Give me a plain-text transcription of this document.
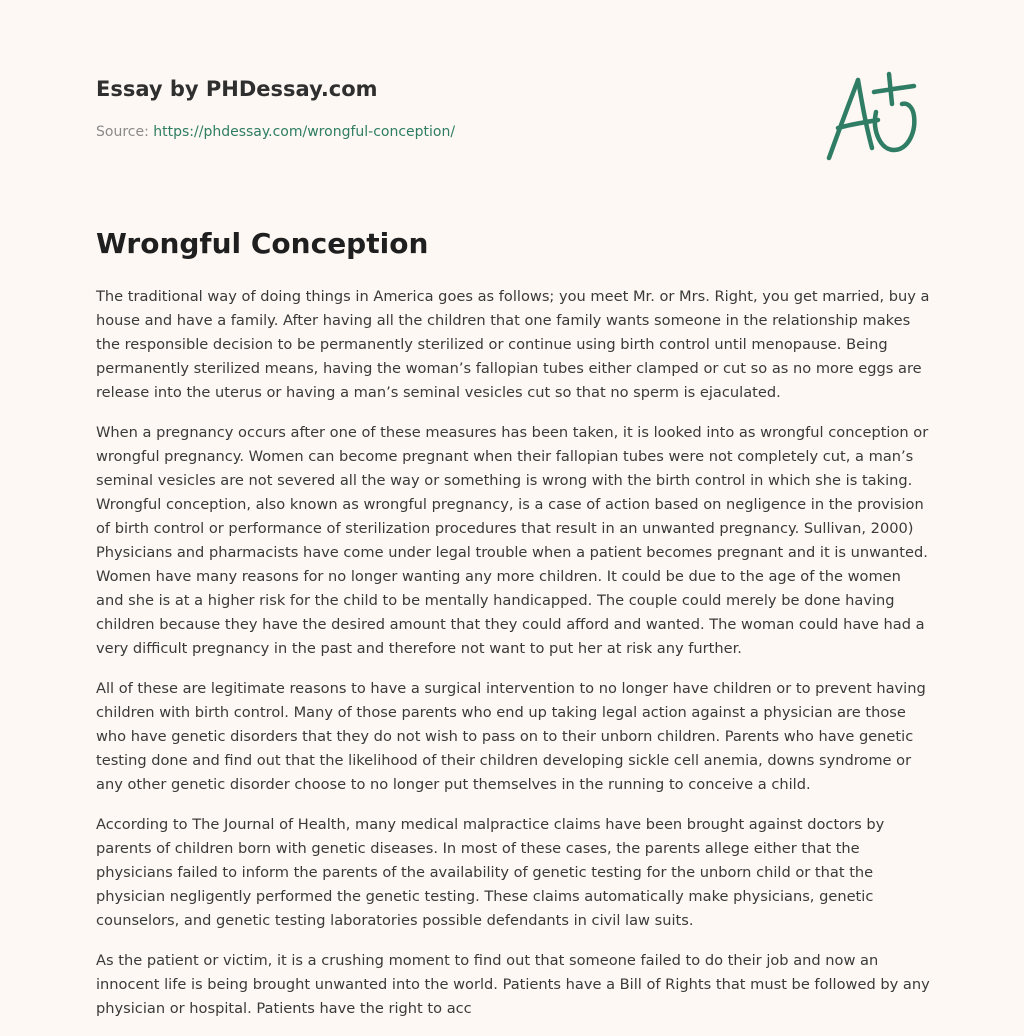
Essay by PHDessay.com
Source: https://phdessay.com/wrongful-conception/
Wrongful Conception

The traditional way of doing things in America goes as follows; you meet Mr. or Mrs. Right, you get married, buy a house and have a family. After having all the children that one family wants someone in the relationship makes the responsible decision to be permanently sterilized or continue using birth control until menopause. Being permanently sterilized means, having the woman’s fallopian tubes either clamped or cut so as no more eggs are release into the uterus or having a man’s seminal vesicles cut so that no sperm is ejaculated.

When a pregnancy occurs after one of these measures has been taken, it is looked into as wrongful conception or wrongful pregnancy. Women can become pregnant when their fallopian tubes were not completely cut, a man’s seminal vesicles are not severed all the way or something is wrong with the birth control in which she is taking. Wrongful conception, also known as wrongful pregnancy, is a case of action based on negligence in the provision of birth control or performance of sterilization procedures that result in an unwanted pregnancy. Sullivan, 2000) Physicians and pharmacists have come under legal trouble when a patient becomes pregnant and it is unwanted. Women have many reasons for no longer wanting any more children. It could be due to the age of the women and she is at a higher risk for the child to be mentally handicapped. The couple could merely be done having children because they have the desired amount that they could afford and wanted. The woman could have had a very difficult pregnancy in the past and therefore not want to put her at risk any further.

All of these are legitimate reasons to have a surgical intervention to no longer have children or to prevent having children with birth control. Many of those parents who end up taking legal action against a physician are those who have genetic disorders that they do not wish to pass on to their unborn children. Parents who have genetic testing done and find out that the likelihood of their children developing sickle cell anemia, downs syndrome or any other genetic disorder choose to no longer put themselves in the running to conceive a child.

According to The Journal of Health, many medical malpractice claims have been brought against doctors by parents of children born with genetic diseases. In most of these cases, the parents allege either that the physicians failed to inform the parents of the availability of genetic testing for the unborn child or that the physician negligently performed the genetic testing. These claims automatically make physicians, genetic counselors, and genetic testing laboratories possible defendants in civil law suits.

As the patient or victim, it is a crushing moment to find out that someone failed to do their job and now an innocent life is being brought unwanted into the world. Patients have a Bill of Rights that must be followed by any physician or hospital. Patients have the right to acc
